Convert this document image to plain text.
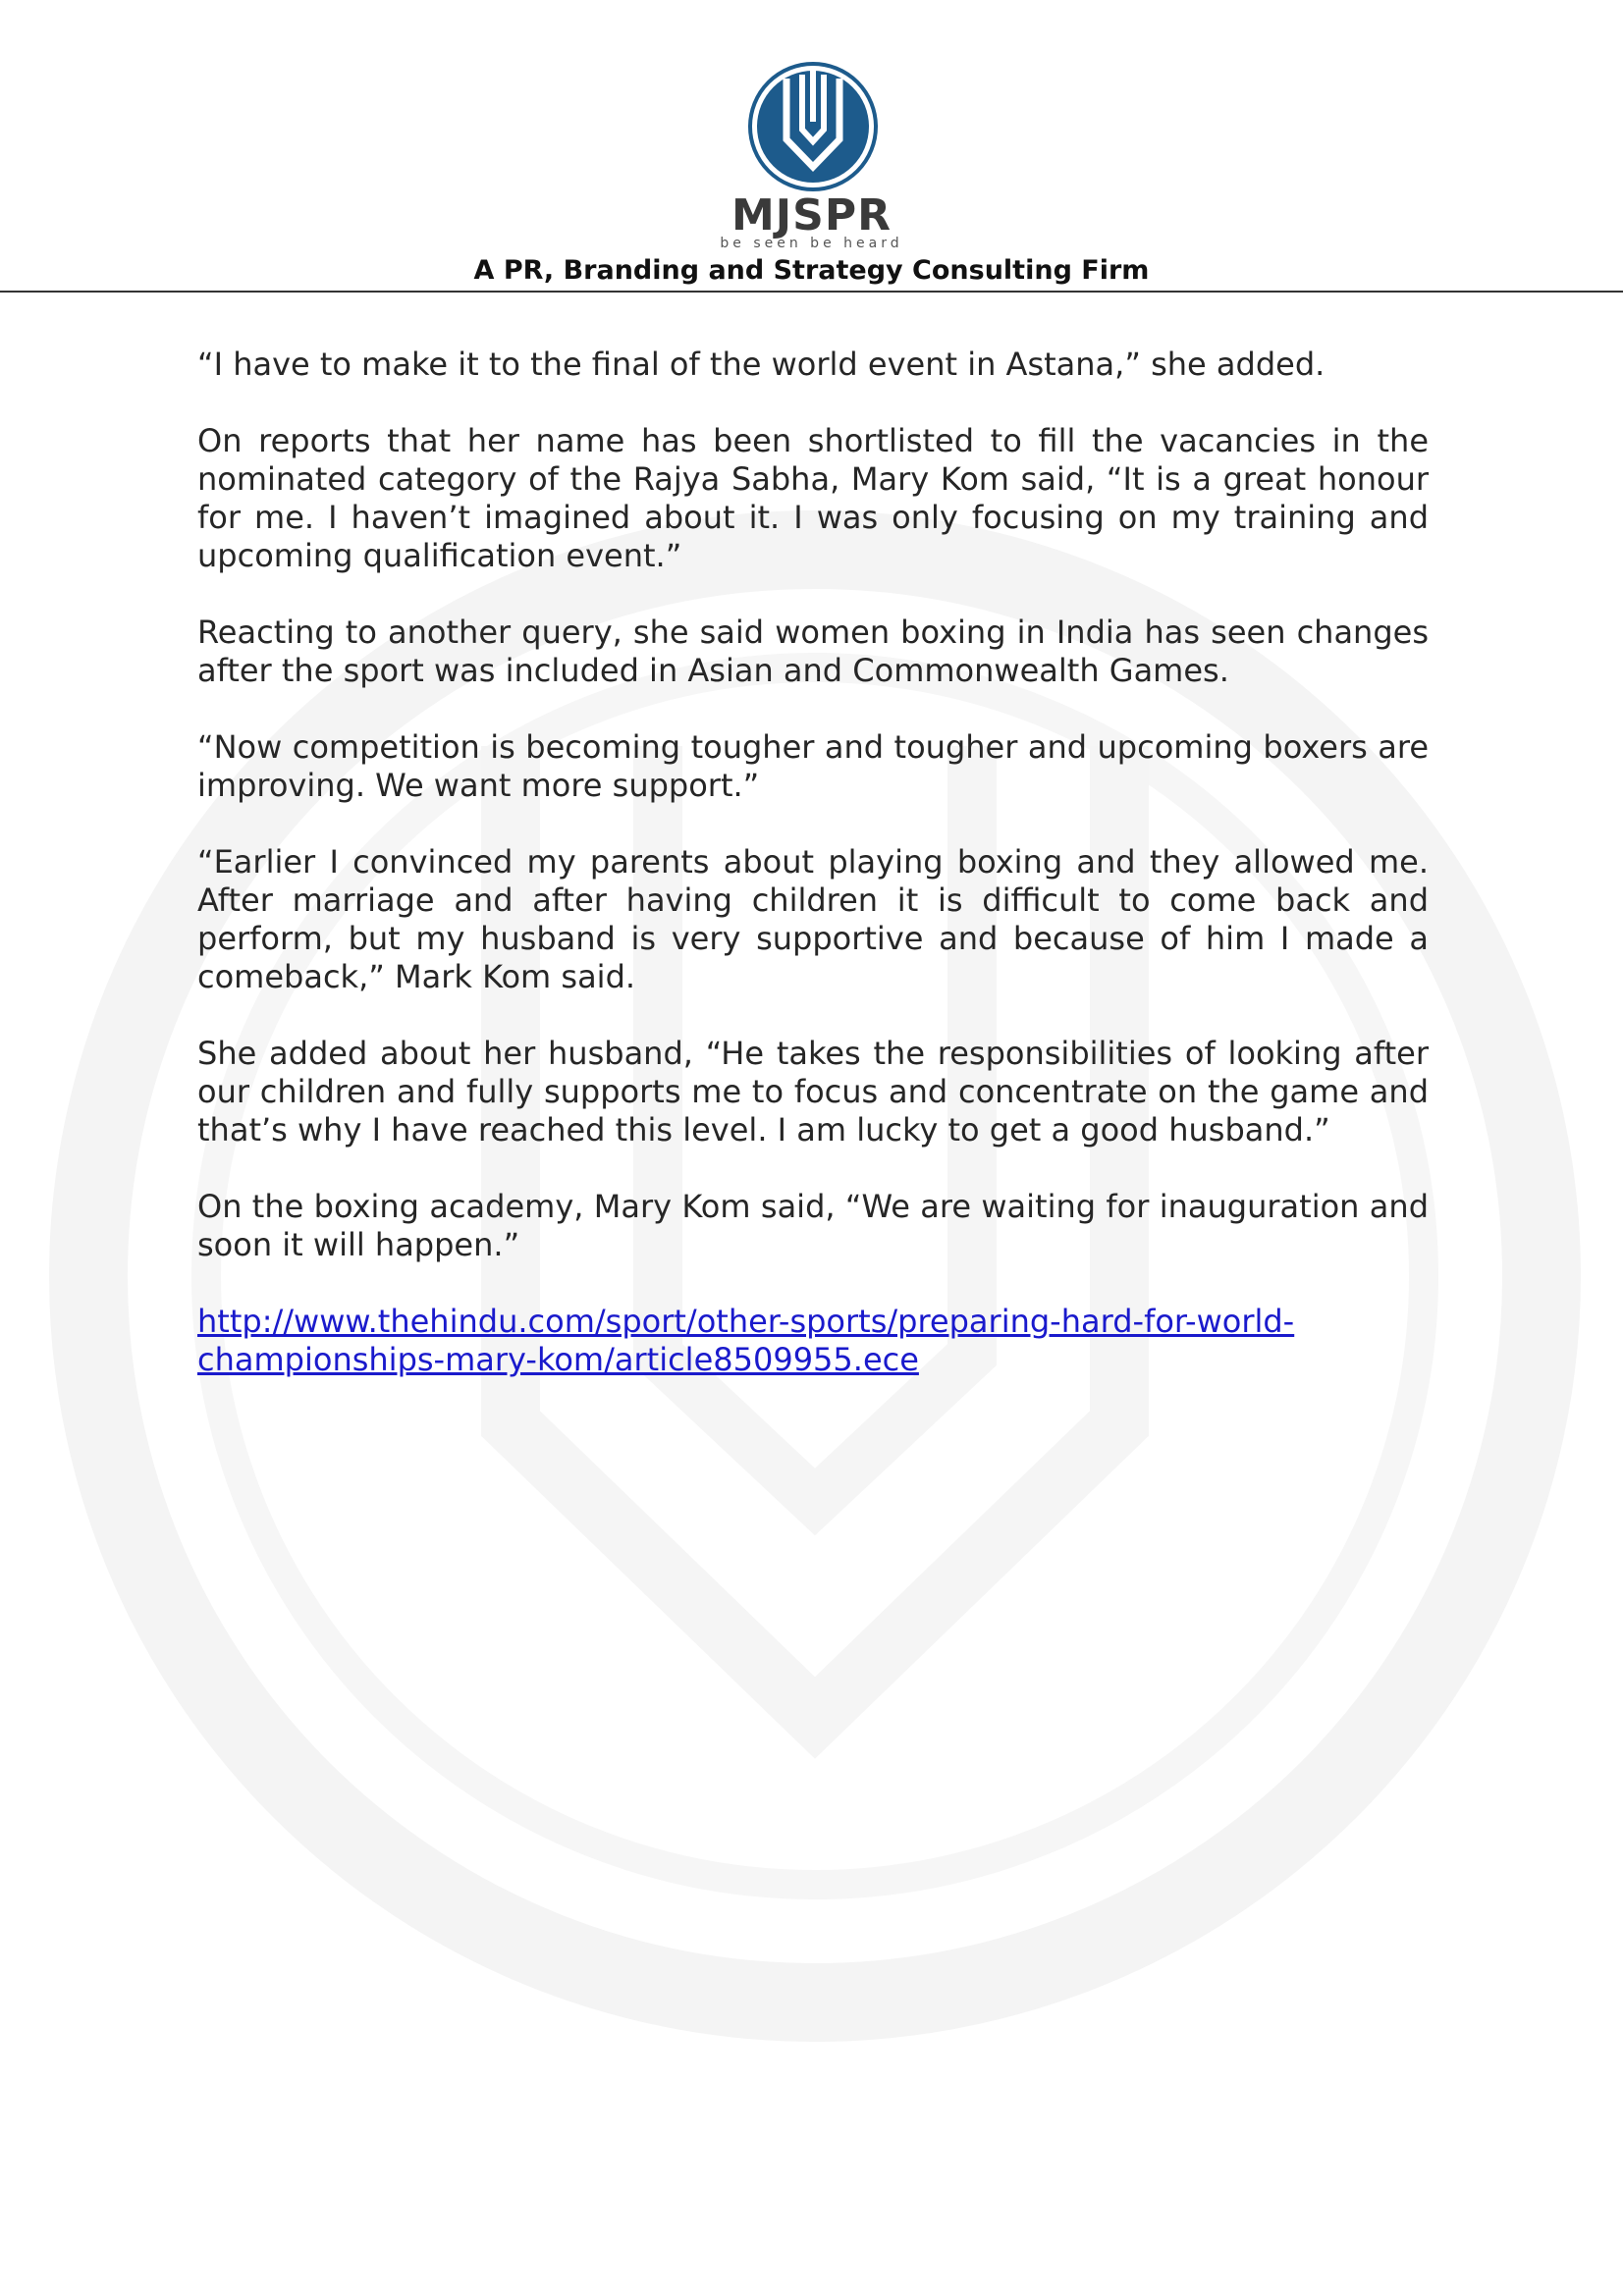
MJSPR
be seen be heard
A PR, Branding and Strategy Consulting Firm

“I have to make it to the final of the world event in Astana,” she added.

On reports that her name has been shortlisted to fill the vacancies in the nominated category of the Rajya Sabha, Mary Kom said, “It is a great honour for me. I haven’t imagined about it. I was only focusing on my training and upcoming qualification event.”

Reacting to another query, she said women boxing in India has seen changes after the sport was included in Asian and Commonwealth Games.

“Now competition is becoming tougher and tougher and upcoming boxers are improving. We want more support.”

“Earlier I convinced my parents about playing boxing and they allowed me. After marriage and after having children it is difficult to come back and perform, but my husband is very supportive and because of him I made a comeback,” Mark Kom said.

She added about her husband, “He takes the responsibilities of looking after our children and fully supports me to focus and concentrate on the game and that’s why I have reached this level. I am lucky to get a good husband.”

On the boxing academy, Mary Kom said, “We are waiting for inauguration and soon it will happen.”

http://www.thehindu.com/sport/other-sports/preparing-hard-for-world-
championships-mary-kom/article8509955.ece
